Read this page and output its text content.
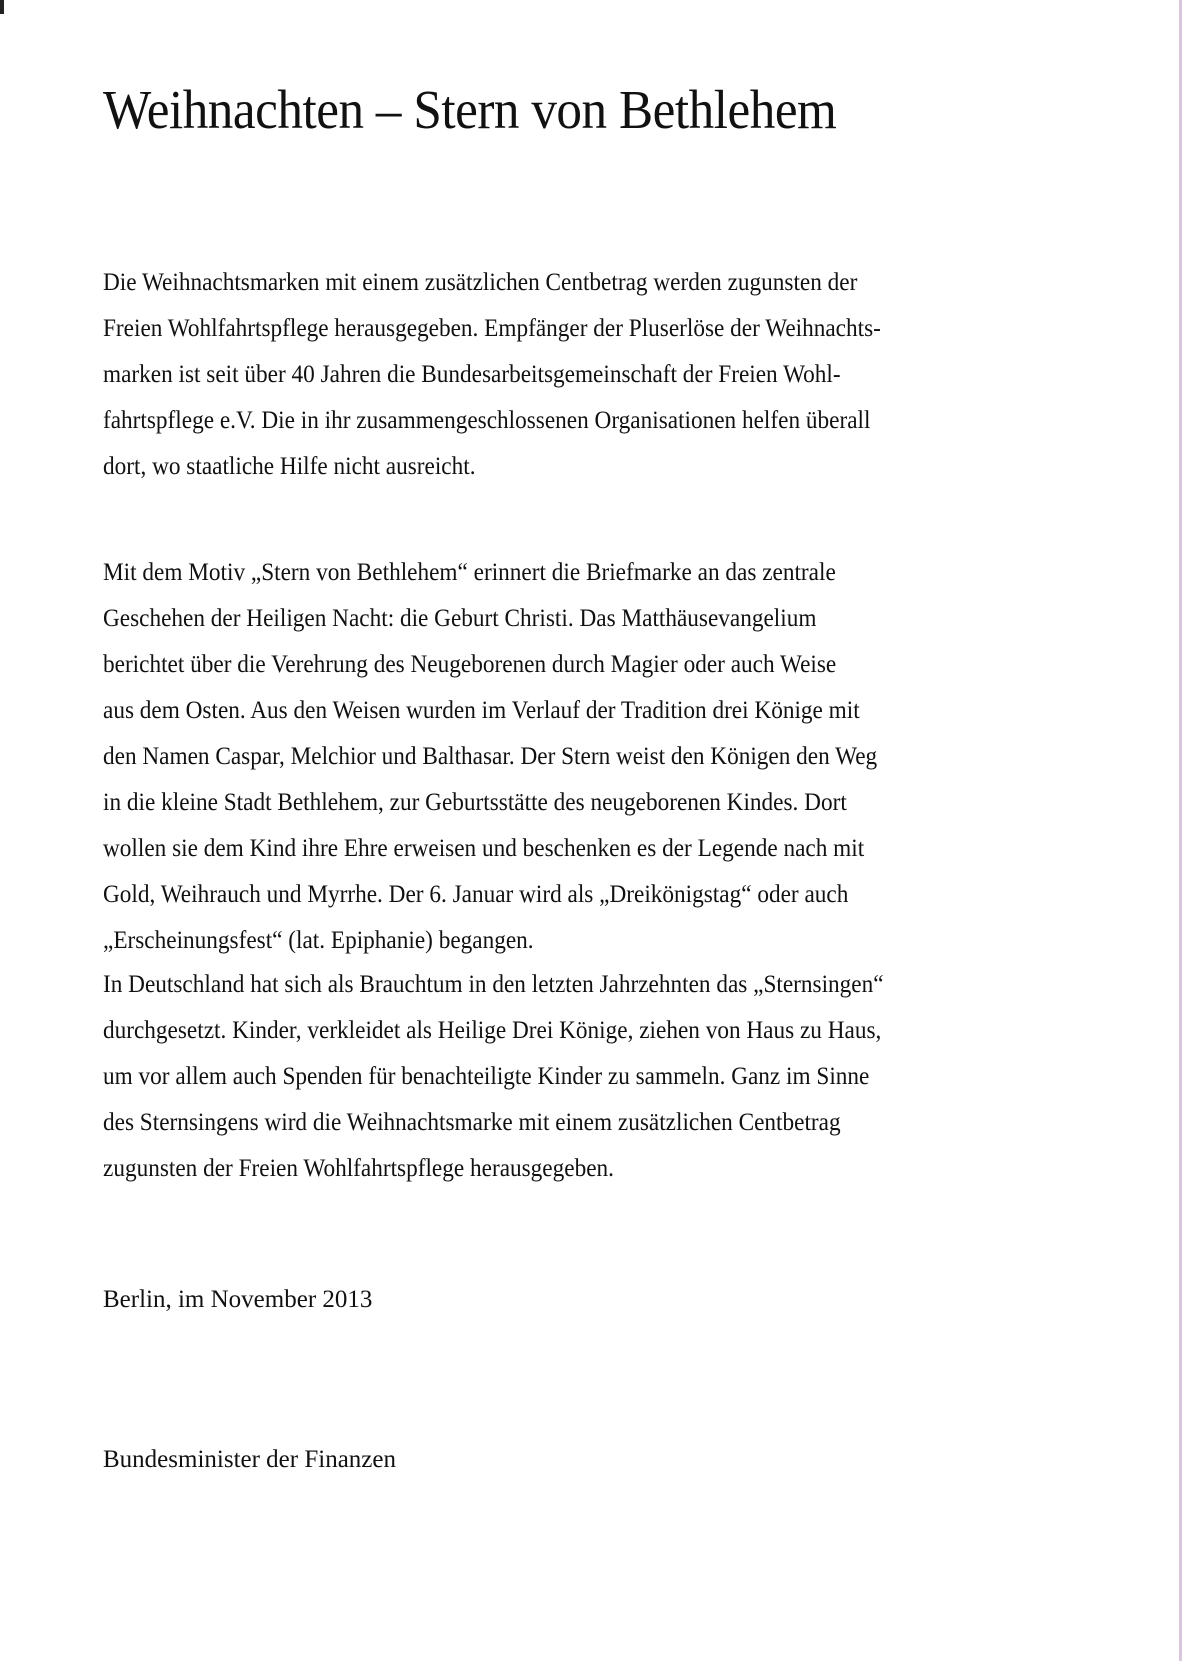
Weihnachten – Stern von Bethlehem
Die Weihnachtsmarken mit einem zusätzlichen Centbetrag werden zugunsten der
Freien Wohlfahrtspflege herausgegeben. Empfänger der Pluserlöse der Weihnachts-
marken ist seit über 40 Jahren die Bundesarbeitsgemeinschaft der Freien Wohl-
fahrtspflege e.V. Die in ihr zusammengeschlossenen Organisationen helfen überall
dort, wo staatliche Hilfe nicht ausreicht.
Mit dem Motiv „Stern von Bethlehem“ erinnert die Briefmarke an das zentrale
Geschehen der Heiligen Nacht: die Geburt Christi. Das Matthäusevangelium
berichtet über die Verehrung des Neugeborenen durch Magier oder auch Weise
aus dem Osten. Aus den Weisen wurden im Verlauf der Tradition drei Könige mit
den Namen Caspar, Melchior und Balthasar. Der Stern weist den Königen den Weg
in die kleine Stadt Bethlehem, zur Geburtsstätte des neugeborenen Kindes. Dort
wollen sie dem Kind ihre Ehre erweisen und beschenken es der Legende nach mit
Gold, Weihrauch und Myrrhe. Der 6. Januar wird als „Dreikönigstag“ oder auch
„Erscheinungsfest“ (lat. Epiphanie) begangen.
In Deutschland hat sich als Brauchtum in den letzten Jahrzehnten das „Sternsingen“
durchgesetzt. Kinder, verkleidet als Heilige Drei Könige, ziehen von Haus zu Haus,
um vor allem auch Spenden für benachteiligte Kinder zu sammeln. Ganz im Sinne
des Sternsingens wird die Weihnachtsmarke mit einem zusätzlichen Centbetrag
zugunsten der Freien Wohlfahrtspflege herausgegeben.
Berlin, im November 2013
Bundesminister der Finanzen
